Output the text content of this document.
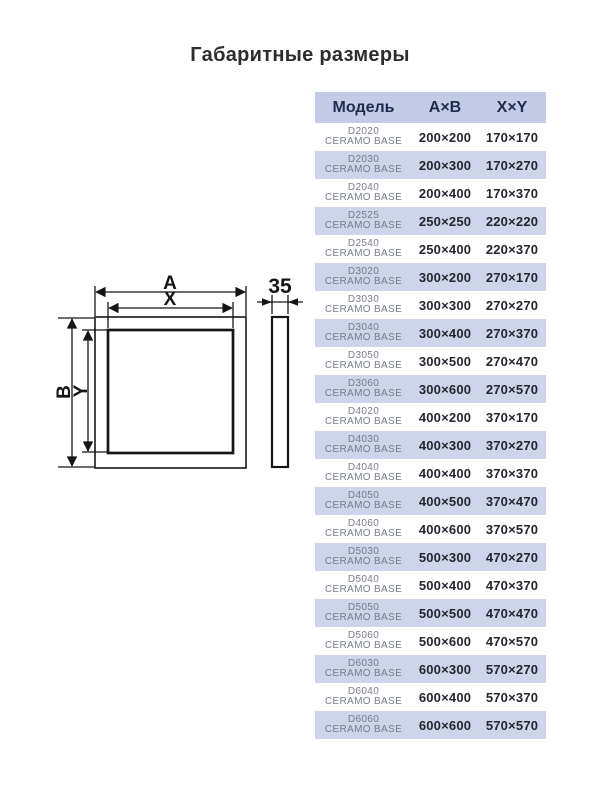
Габаритные размеры
A
X
B
Y
35
Модель	A×B	X×Y
D2020
CERAMO BASE	200×200	170×170
D2030
CERAMO BASE	200×300	170×270
D2040
CERAMO BASE	200×400	170×370
D2525
CERAMO BASE	250×250	220×220
D2540
CERAMO BASE	250×400	220×370
D3020
CERAMO BASE	300×200	270×170
D3030
CERAMO BASE	300×300	270×270
D3040
CERAMO BASE	300×400	270×370
D3050
CERAMO BASE	300×500	270×470
D3060
CERAMO BASE	300×600	270×570
D4020
CERAMO BASE	400×200	370×170
D4030
CERAMO BASE	400×300	370×270
D4040
CERAMO BASE	400×400	370×370
D4050
CERAMO BASE	400×500	370×470
D4060
CERAMO BASE	400×600	370×570
D5030
CERAMO BASE	500×300	470×270
D5040
CERAMO BASE	500×400	470×370
D5050
CERAMO BASE	500×500	470×470
D5060
CERAMO BASE	500×600	470×570
D6030
CERAMO BASE	600×300	570×270
D6040
CERAMO BASE	600×400	570×370
D6060
CERAMO BASE	600×600	570×570
